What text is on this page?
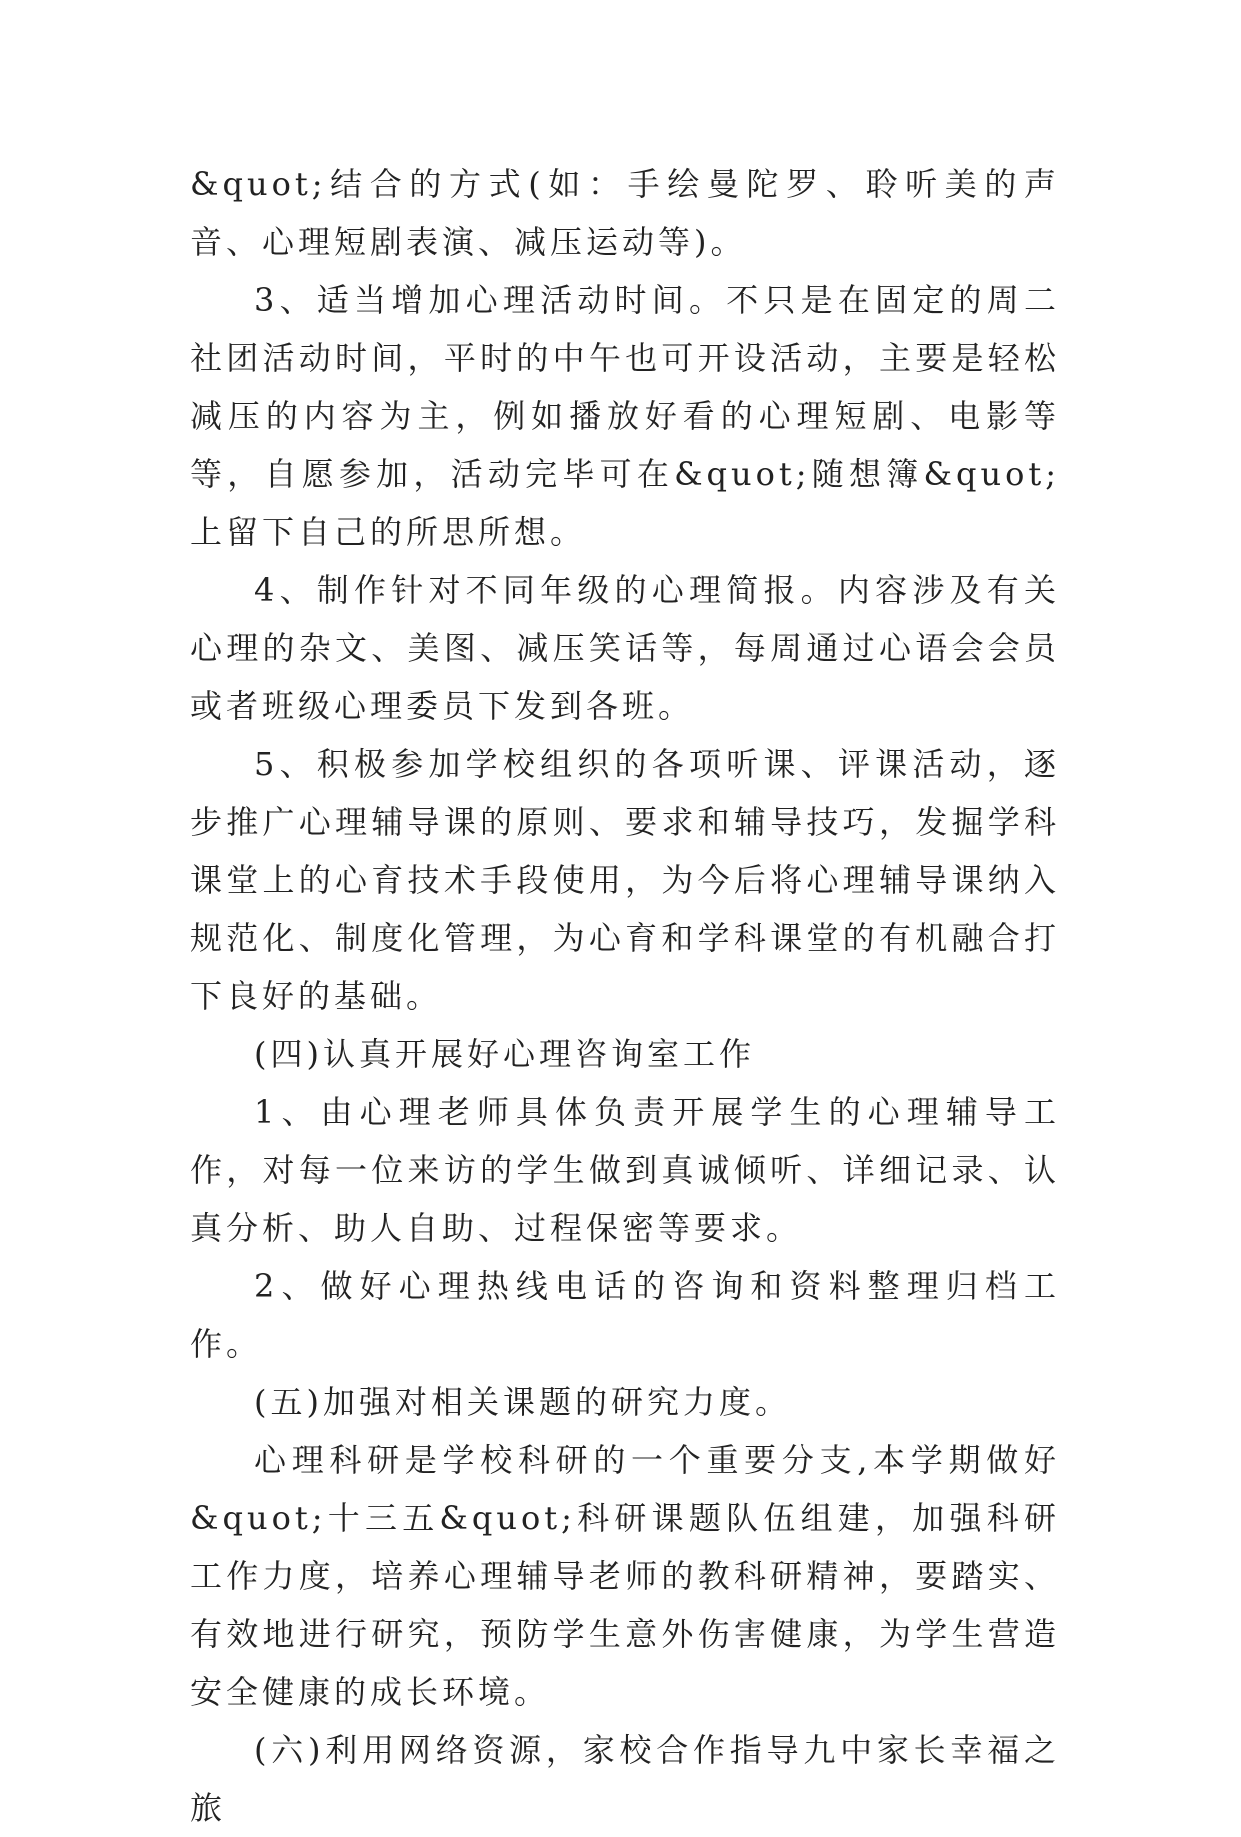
&quot;结合的方式(如：手绘曼陀罗、聆听美的声音、心理短剧表演、减压运动等)。

3、适当增加心理活动时间。不只是在固定的周二社团活动时间，平时的中午也可开设活动，主要是轻松减压的内容为主，例如播放好看的心理短剧、电影等等，自愿参加，活动完毕可在&quot;随想簿&quot;上留下自己的所思所想。

4、制作针对不同年级的心理简报。内容涉及有关心理的杂文、美图、减压笑话等，每周通过心语会会员或者班级心理委员下发到各班。

5、积极参加学校组织的各项听课、评课活动，逐步推广心理辅导课的原则、要求和辅导技巧，发掘学科课堂上的心育技术手段使用，为今后将心理辅导课纳入规范化、制度化管理，为心育和学科课堂的有机融合打下良好的基础。

(四)认真开展好心理咨询室工作

1、由心理老师具体负责开展学生的心理辅导工作，对每一位来访的学生做到真诚倾听、详细记录、认真分析、助人自助、过程保密等要求。

2、做好心理热线电话的咨询和资料整理归档工作。

(五)加强对相关课题的研究力度。

心理科研是学校科研的一个重要分支,本学期做好&quot;十三五&quot;科研课题队伍组建，加强科研工作力度，培养心理辅导老师的教科研精神，要踏实、有效地进行研究，预防学生意外伤害健康，为学生营造安全健康的成长环境。

(六)利用网络资源，家校合作指导九中家长幸福之旅
